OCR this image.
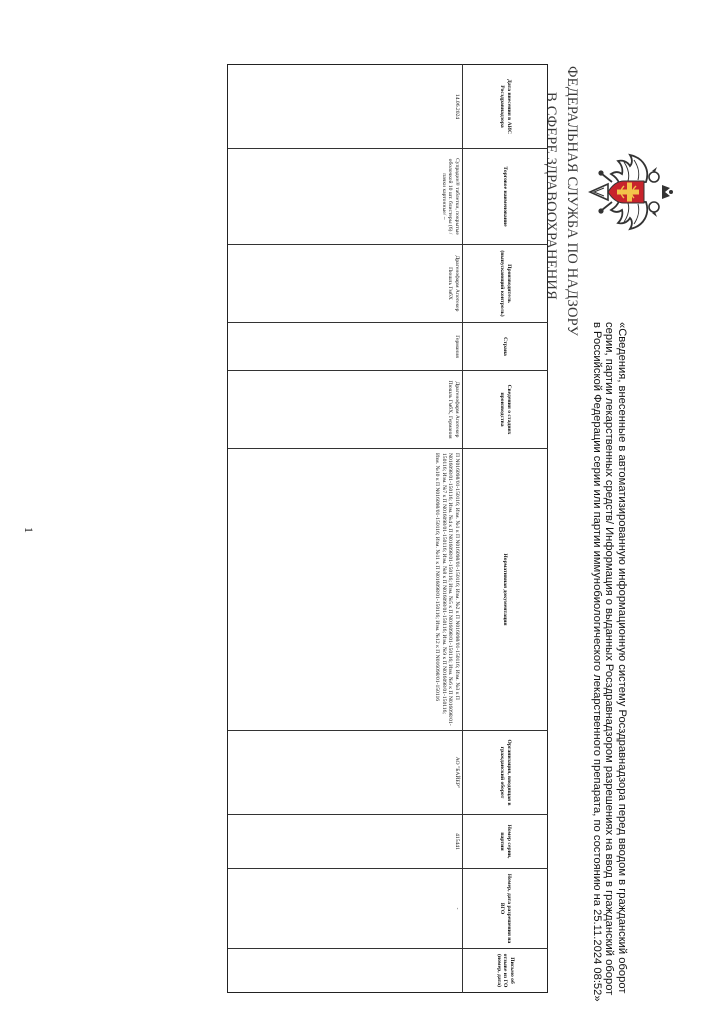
ФЕДЕРАЛЬНАЯ СЛУЖБА ПО НАДЗОРУ
В СФЕРЕ ЗДРАВООХРАНЕНИЯ
«Сведения, внесенные в автоматизированную информационную систему Росздравнадзора перед вводом в гражданский оборот серии, партии лекарственных средств/ Информация о выданных Росздравнадзором разрешениях на ввод в гражданский оборот в Российской Федерации серии или партии иммунобиологического лекарственного препарата, по состоянию на 25.11.2024 08:52»
Дата внесения в АИС Росздравнадзора	Торговое наименование	Производитель (выпускающий контроль)	Страна	Сведения о стадиях производства	Нормативная документация	Организация, вводящая в гражданский оборот	Номер серии, партии	Номер, дата разрешения на ВГО	Письмо об отзыве из ГО (номер, дата)
14.06.2024	Супрадин® таблетки, покрытые оболочкой 10 шт. блистеры (6) /пачки картонные/ ~	Драгенофарм Апотекер Пюшль ГмбХ	Германия	Драгенофарм Апотекер Пюшль ГмбХ, Германия	П N016098/01-150116; Изм. №1 к П N016098/01-150116; Изм. №2 к П N016098/01-150116; Изм. №3 к П N016098/01-150116; Изм. №4 к П N016098/01-150116; Изм. №5 к П N016098/01-150116; Изм. №6 к П N016098/01-150116; Изм. №7 к П N016098/01-150116; Изм. №8 к П N016098/01-150116; Изм. №9 к П N016098/01-150116; Изм. №10 к П N016098/01-150116; Изм. №11 к П N016098/01-150116; Изм. №12 к П N016098/01-150116	АО "БАЙЕР"	415441	-	
1
